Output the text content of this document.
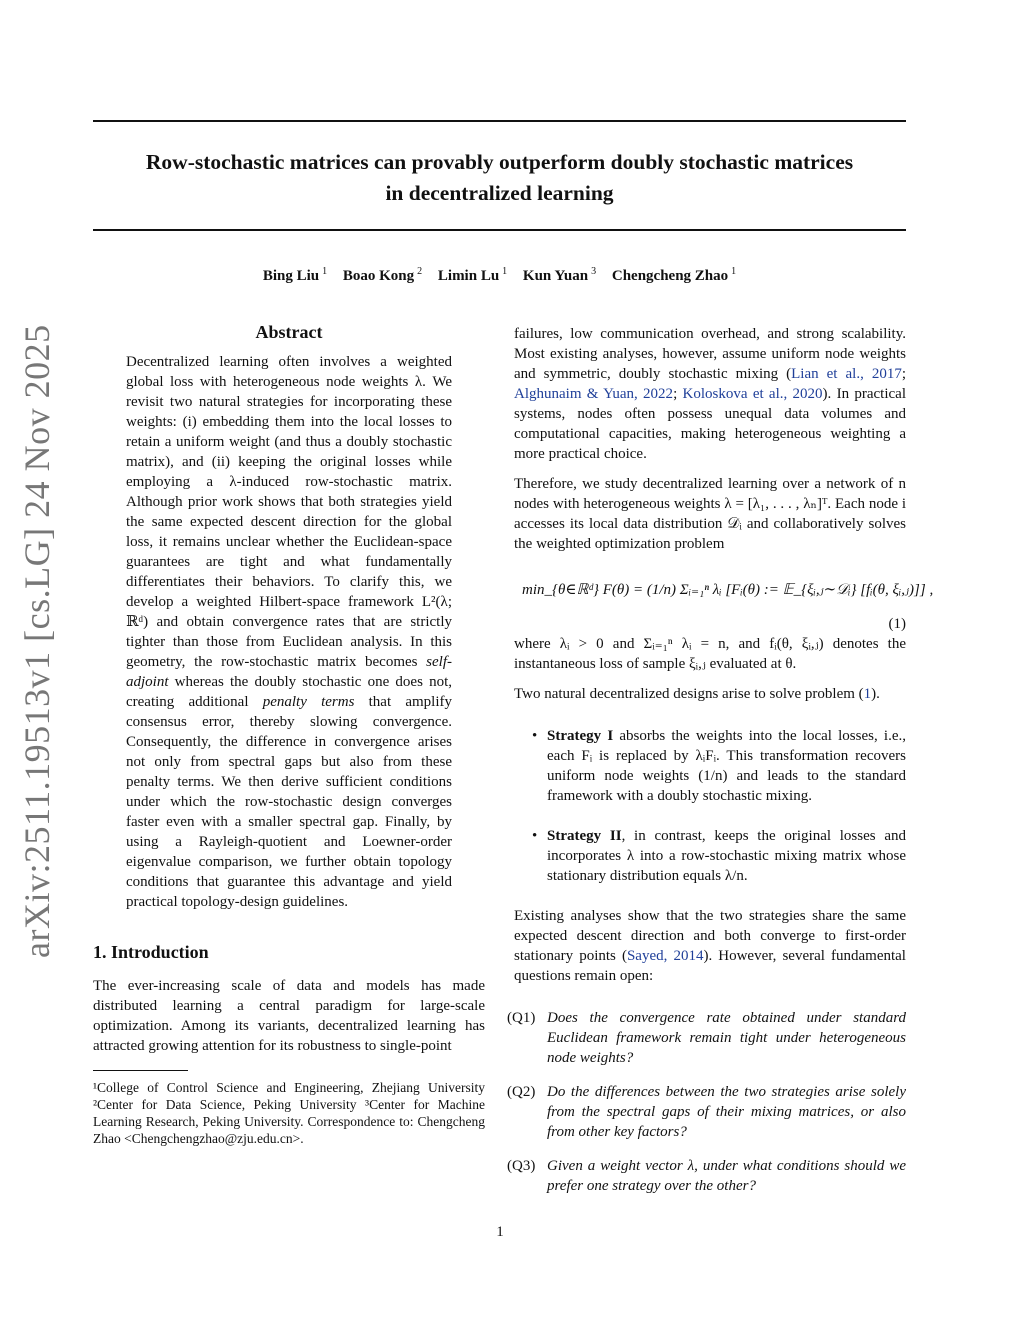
Row-stochastic matrices can provably outperform doubly stochastic matrices
in decentralized learning
Bing Liu $^1$ Boao Kong $^2$ Limin Lu $^1$ Kun Yuan $^3$ Chengcheng Zhao $^1$
arXiv:2511.19513v1 [cs.LG] 24 Nov 2025	Abstract

Decentralized learning often involves a weighted global loss with heterogeneous node weights λ. We revisit two natural strategies for incorporating these weights: (i) embedding them into the local losses to retain a uniform weight (and thus a doubly stochastic matrix), and (ii) keeping the original losses while employing a λ-induced row-stochastic matrix. Although prior work shows that both strategies yield the same expected descent direction for the global loss, it remains unclear whether the Euclidean-space guarantees are tight and what fundamentally differentiates their behaviors. To clarify this, we develop a weighted Hilbert-space framework L²(λ; ℝᵈ) and obtain convergence rates that are strictly tighter than those from Euclidean analysis. In this geometry, the row-stochastic matrix becomes self-adjoint whereas the doubly stochastic one does not, creating additional penalty terms that amplify consensus error, thereby slowing convergence. Consequently, the difference in convergence arises not only from spectral gaps but also from these penalty terms. We then derive sufficient conditions under which the row-stochastic design converges faster even with a smaller spectral gap. Finally, by using a Rayleigh-quotient and Loewner-order eigenvalue comparison, we further obtain topology conditions that guarantee this advantage and yield practical topology-design guidelines.

1. Introduction

The ever-increasing scale of data and models has made distributed learning a central paradigm for large-scale optimization. Among its variants, decentralized learning has attracted growing attention for its robustness to single-point

¹College of Control Science and Engineering, Zhejiang University ²Center for Data Science, Peking University ³Center for Machine Learning Research, Peking University. Correspondence to: Chengcheng Zhao <Chengchengzhao@zju.edu.cn>.

failures, low communication overhead, and strong scalability. Most existing analyses, however, assume uniform node weights and symmetric, doubly stochastic mixing (Lian et al., 2017; Alghunaim & Yuan, 2022; Koloskova et al., 2020). In practical systems, nodes often possess unequal data volumes and computational capacities, making heterogeneous weighting a more practical choice.

Therefore, we study decentralized learning over a network of n nodes with heterogeneous weights λ = [λ₁, . . . , λₙ]ᵀ. Each node i accesses its local data distribution 𝒟ᵢ and collaboratively solves the weighted optimization problem

min_{θ∈ℝᵈ} F(θ) = (1/n) Σᵢ₌₁ⁿ λᵢ [Fᵢ(θ) := 𝔼_{ξᵢ,ⱼ∼𝒟ᵢ} [fᵢ(θ, ξᵢ,ⱼ)]] ,
(1)

where λᵢ > 0 and Σᵢ₌₁ⁿ λᵢ = n, and fᵢ(θ, ξᵢ,ⱼ) denotes the instantaneous loss of sample ξᵢ,ⱼ evaluated at θ.

Two natural decentralized designs arise to solve problem (1).

• Strategy I absorbs the weights into the local losses, i.e., each Fᵢ is replaced by λᵢFᵢ. This transformation recovers uniform node weights (1/n) and leads to the standard framework with a doubly stochastic mixing.
• Strategy II, in contrast, keeps the original losses and incorporates λ into a row-stochastic mixing matrix whose stationary distribution equals λ/n.

Existing analyses show that the two strategies share the same expected descent direction and both converge to first-order stationary points (Sayed, 2014). However, several fundamental questions remain open:

(Q1) Does the convergence rate obtained under standard Euclidean framework remain tight under heterogeneous node weights?
(Q2) Do the differences between the two strategies arise solely from the spectral gaps of their mixing matrices, or also from other key factors?
(Q3) Given a weight vector λ, under what conditions should we prefer one strategy over the other?
1
